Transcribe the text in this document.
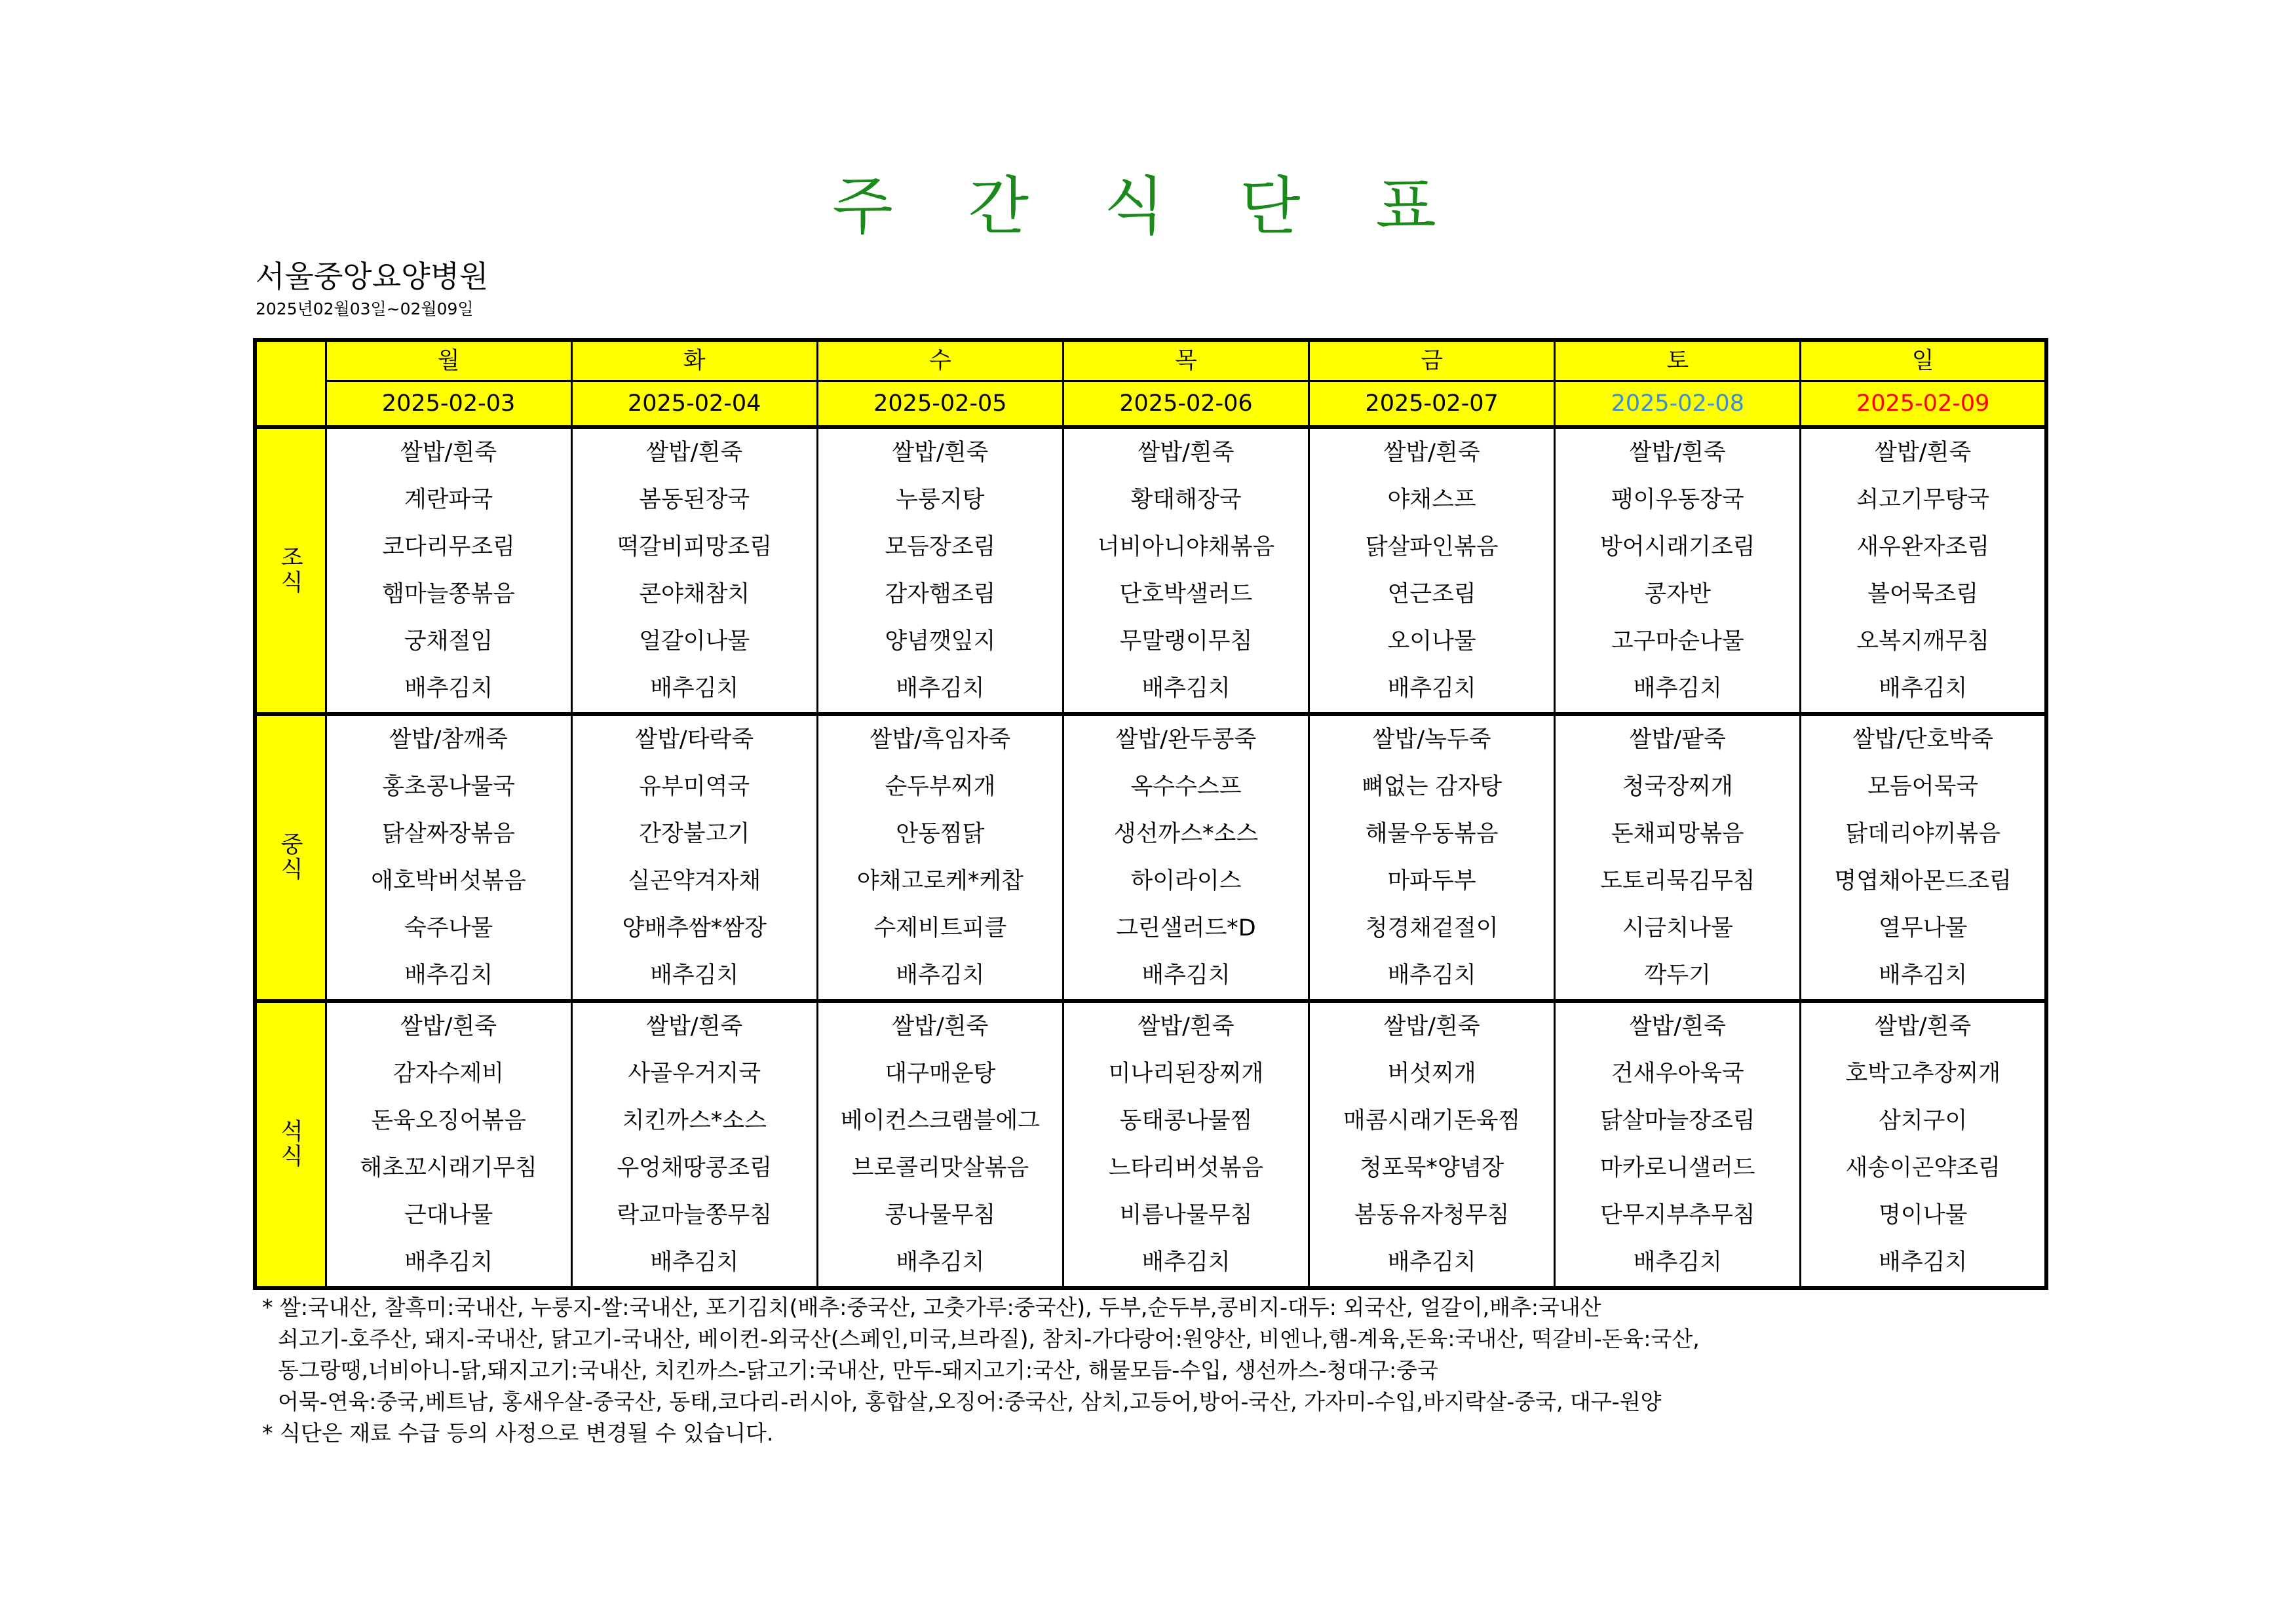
주 간 식 단 표
서울중앙요양병원
2025년02월03일~02월09일
	월	화	수	목	금	토	일
	2025-02-03	2025-02-04	2025-02-05	2025-02-06	2025-02-07	2025-02-08	2025-02-09
조식	쌀밥/흰죽	쌀밥/흰죽	쌀밥/흰죽	쌀밥/흰죽	쌀밥/흰죽	쌀밥/흰죽	쌀밥/흰죽
	계란파국	봄동된장국	누룽지탕	황태해장국	야채스프	팽이우동장국	쇠고기무탕국
	코다리무조림	떡갈비피망조림	모듬장조림	너비아니야채볶음	닭살파인볶음	방어시래기조림	새우완자조림
	햄마늘쫑볶음	콘야채참치	감자햄조림	단호박샐러드	연근조림	콩자반	볼어묵조림
	궁채절임	얼갈이나물	양념깻잎지	무말랭이무침	오이나물	고구마순나물	오복지깨무침
	배추김치	배추김치	배추김치	배추김치	배추김치	배추김치	배추김치
중식	쌀밥/참깨죽	쌀밥/타락죽	쌀밥/흑임자죽	쌀밥/완두콩죽	쌀밥/녹두죽	쌀밥/팥죽	쌀밥/단호박죽
	홍초콩나물국	유부미역국	순두부찌개	옥수수스프	뼈없는 감자탕	청국장찌개	모듬어묵국
	닭살짜장볶음	간장불고기	안동찜닭	생선까스*소스	해물우동볶음	돈채피망볶음	닭데리야끼볶음
	애호박버섯볶음	실곤약겨자채	야채고로케*케찹	하이라이스	마파두부	도토리묵김무침	명엽채아몬드조림
	숙주나물	양배추쌈*쌈장	수제비트피클	그린샐러드*D	청경채겉절이	시금치나물	열무나물
	배추김치	배추김치	배추김치	배추김치	배추김치	깍두기	배추김치
석식	쌀밥/흰죽	쌀밥/흰죽	쌀밥/흰죽	쌀밥/흰죽	쌀밥/흰죽	쌀밥/흰죽	쌀밥/흰죽
	감자수제비	사골우거지국	대구매운탕	미나리된장찌개	버섯찌개	건새우아욱국	호박고추장찌개
	돈육오징어볶음	치킨까스*소스	베이컨스크램블에그	동태콩나물찜	매콤시래기돈육찜	닭살마늘장조림	삼치구이
	해초꼬시래기무침	우엉채땅콩조림	브로콜리맛살볶음	느타리버섯볶음	청포묵*양념장	마카로니샐러드	새송이곤약조림
	근대나물	락교마늘쫑무침	콩나물무침	비름나물무침	봄동유자청무침	단무지부추무침	명이나물
	배추김치	배추김치	배추김치	배추김치	배추김치	배추김치	배추김치
* 쌀:국내산, 찰흑미:국내산, 누룽지-쌀:국내산, 포기김치(배추:중국산, 고춧가루:중국산), 두부,순두부,콩비지-대두: 외국산, 얼갈이,배추:국내산
쇠고기-호주산, 돼지-국내산, 닭고기-국내산, 베이컨-외국산(스페인,미국,브라질), 참치-가다랑어:원양산, 비엔나,햄-계육,돈육:국내산, 떡갈비-돈육:국산,
동그랑땡,너비아니-닭,돼지고기:국내산, 치킨까스-닭고기:국내산, 만두-돼지고기:국산, 해물모듬-수입, 생선까스-청대구:중국
어묵-연육:중국,베트남, 홍새우살-중국산, 동태,코다리-러시아, 홍합살,오징어:중국산, 삼치,고등어,방어-국산, 가자미-수입,바지락살-중국, 대구-원양
* 식단은 재료 수급 등의 사정으로 변경될 수 있습니다.
